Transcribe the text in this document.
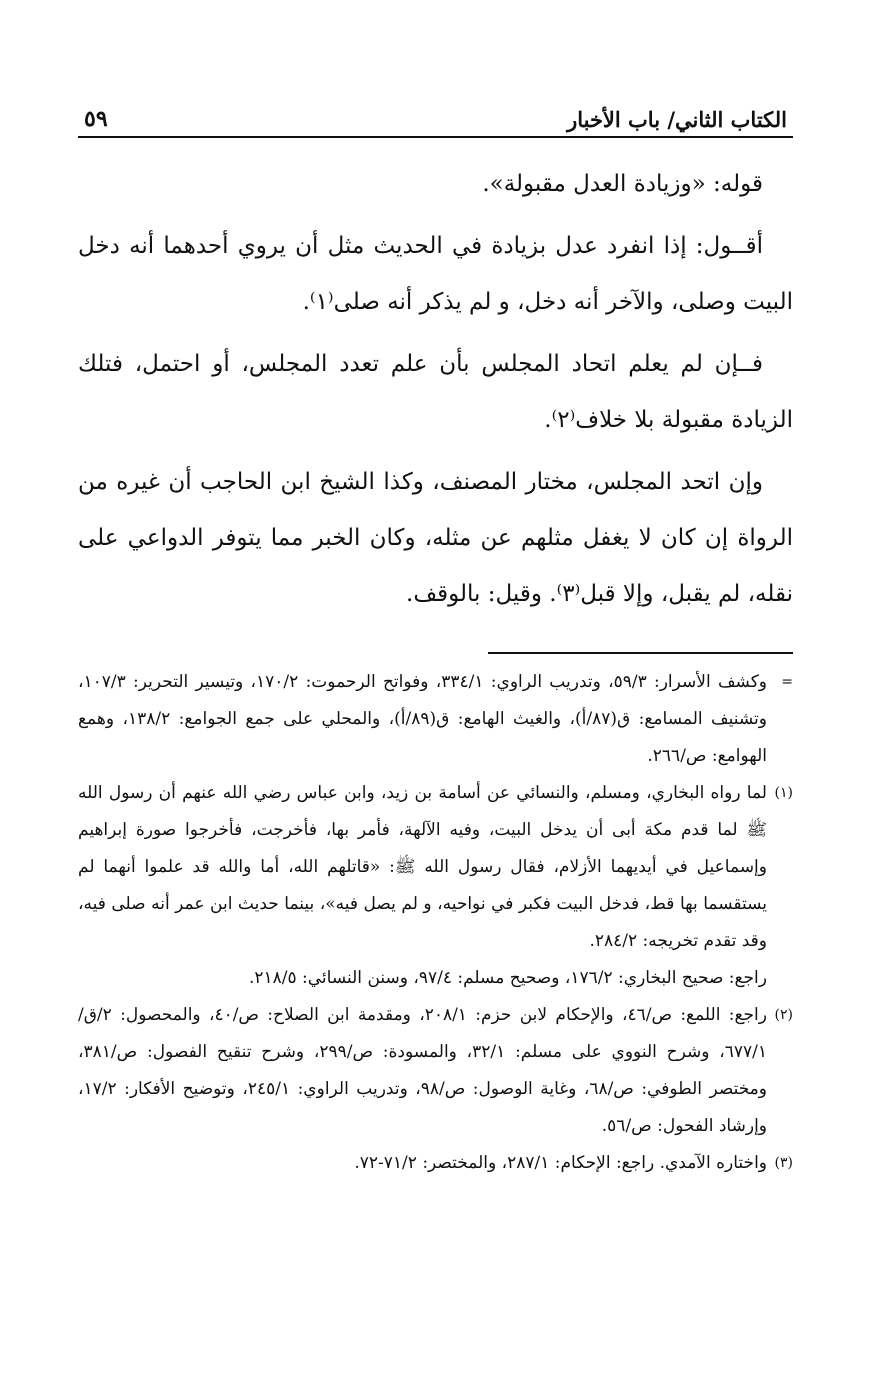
الكتاب الثاني/ باب الأخبار
٥٩

قوله: «وزيادة العدل مقبولة».

أقــول: إذا انفرد عدل بزيادة في الحديث مثل أن يروي أحدهما أنه دخل البيت وصلى، والآخر أنه دخل، و لم يذكر أنه صلى⁽١⁾.

فــإن لم يعلم اتحاد المجلس بأن علم تعدد المجلس، أو احتمل، فتلك الزيادة مقبولة بلا خلاف⁽٢⁾.

وإن اتحد المجلس، مختار المصنف، وكذا الشيخ ابن الحاجب أن غيره من الرواة إن كان لا يغفل مثلهم عن مثله، وكان الخبر مما يتوفر الدواعي على نقله، لم يقبل، وإلا قبل⁽٣⁾. وقيل: بالوقف.

=
وكشف الأسرار: ٥٩/٣، وتدريب الراوي: ٣٣٤/١، وفواتح الرحموت: ١٧٠/٢، وتيسير التحرير: ١٠٧/٣، وتشنيف المسامع: ق(٨٧/أ)، والغيث الهامع: ق(٨٩/أ)، والمحلي على جمع الجوامع: ١٣٨/٢، وهمع الهوامع: ص/٢٦٦.
(١)
لما رواه البخاري، ومسلم، والنسائي عن أسامة بن زيد، وابن عباس رضي الله عنهم أن رسول الله ﷺ لما قدم مكة أبى أن يدخل البيت، وفيه الآلهة، فأمر بها، فأخرجت، فأخرجوا صورة إبراهيم وإسماعيل في أيديهما الأزلام، فقال رسول الله ﷺ: «قاتلهم الله، أما والله قد علموا أنهما لم يستقسما بها قط، فدخل البيت فكبر في نواحيه، و لم يصل فيه»، بينما حديث ابن عمر أنه صلى فيه، وقد تقدم تخريجه: ٢٨٤/٢.

راجع: صحيح البخاري: ١٧٦/٢، وصحيح مسلم: ٩٧/٤، وسنن النسائي: ٢١٨/٥.

(٢)
راجع: اللمع: ص/٤٦، والإحكام لابن حزم: ٢٠٨/١، ومقدمة ابن الصلاح: ص/٤٠، والمحصول: ٢/ق/٦٧٧/١، وشرح النووي على مسلم: ٣٢/١، والمسودة: ص/٢٩٩، وشرح تنقيح الفصول: ص/٣٨١، ومختصر الطوفي: ص/٦٨، وغاية الوصول: ص/٩٨، وتدريب الراوي: ٢٤٥/١، وتوضيح الأفكار: ١٧/٢، وإرشاد الفحول: ص/٥٦.
(٣)
واختاره الآمدي. راجع: الإحكام: ٢٨٧/١، والمختصر: ٧١/٢-٧٢.
